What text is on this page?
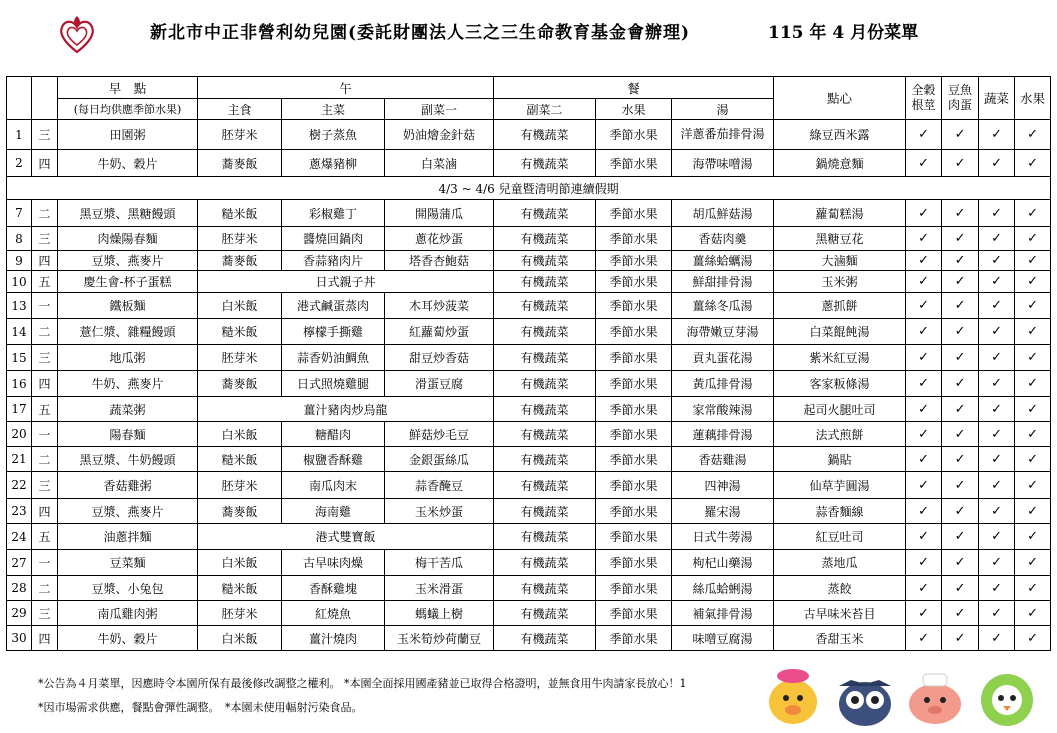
新北市中正非營利幼兒園(委託財團法人三之三生命教育基金會辦理)	115 年 4 月份菜單
		早　點	午			餐			點心	全穀根莖	豆魚肉蛋	蔬菜	水果
		(每日均供應季節水果)	主食	主菜	副菜一	副菜二	水果	湯					
1	三	田園粥	胚芽米	樹子蒸魚	奶油燴金針菇	有機蔬菜	季節水果	洋蔥番茄排骨湯	綠豆西米露	✓	✓	✓	✓
2	四	牛奶、穀片	蕎麥飯	蔥爆豬柳	白菜滷	有機蔬菜	季節水果	海帶味噌湯	鍋燒意麵	✓	✓	✓	✓
4/3 ~ 4/6 兒童暨清明節連續假期													
7	二	黑豆漿、黑糖饅頭	糙米飯	彩椒雞丁	開陽蒲瓜	有機蔬菜	季節水果	胡瓜鮮菇湯	蘿蔔糕湯	✓	✓	✓	✓
8	三	肉燥陽春麵	胚芽米	醬燒回鍋肉	蔥花炒蛋	有機蔬菜	季節水果	香菇肉羹	黑糖豆花	✓	✓	✓	✓
9	四	豆漿、燕麥片	蕎麥飯	香蒜豬肉片	塔香杏鮑菇	有機蔬菜	季節水果	薑絲蛤蠣湯	大滷麵	✓	✓	✓	✓
10	五	慶生會-杯子蛋糕	日式親子丼			有機蔬菜	季節水果	鮮甜排骨湯	玉米粥	✓	✓	✓	✓
13	一	鐵板麵	白米飯	港式鹹蛋蒸肉	木耳炒菠菜	有機蔬菜	季節水果	薑絲冬瓜湯	蔥抓餅	✓	✓	✓	✓
14	二	薏仁漿、雜糧饅頭	糙米飯	檸檬手撕雞	紅蘿蔔炒蛋	有機蔬菜	季節水果	海帶嫩豆芽湯	白菜餛飩湯	✓	✓	✓	✓
15	三	地瓜粥	胚芽米	蒜香奶油鯛魚	甜豆炒香菇	有機蔬菜	季節水果	貢丸蛋花湯	紫米紅豆湯	✓	✓	✓	✓
16	四	牛奶、燕麥片	蕎麥飯	日式照燒雞腿	滑蛋豆腐	有機蔬菜	季節水果	黃瓜排骨湯	客家粄條湯	✓	✓	✓	✓
17	五	蔬菜粥	薑汁豬肉炒烏龍			有機蔬菜	季節水果	家常酸辣湯	起司火腿吐司	✓	✓	✓	✓
20	一	陽春麵	白米飯	糖醋肉	鮮菇炒毛豆	有機蔬菜	季節水果	蓮藕排骨湯	法式煎餅	✓	✓	✓	✓
21	二	黑豆漿、牛奶饅頭	糙米飯	椒鹽香酥雞	金銀蛋絲瓜	有機蔬菜	季節水果	香菇雞湯	鍋貼	✓	✓	✓	✓
22	三	香菇雞粥	胚芽米	南瓜肉末	蒜香醃豆	有機蔬菜	季節水果	四神湯	仙草芋圓湯	✓	✓	✓	✓
23	四	豆漿、燕麥片	蕎麥飯	海南雞	玉米炒蛋	有機蔬菜	季節水果	羅宋湯	蒜香麵線	✓	✓	✓	✓
24	五	油蔥拌麵	港式雙寶飯			有機蔬菜	季節水果	日式牛蒡湯	紅豆吐司	✓	✓	✓	✓
27	一	豆菜麵	白米飯	古早味肉燥	梅干苦瓜	有機蔬菜	季節水果	枸杞山藥湯	蒸地瓜	✓	✓	✓	✓
28	二	豆漿、小兔包	糙米飯	香酥雞塊	玉米滑蛋	有機蔬菜	季節水果	絲瓜蛤蜊湯	蒸餃	✓	✓	✓	✓
29	三	南瓜雞肉粥	胚芽米	紅燒魚	螞蟻上樹	有機蔬菜	季節水果	補氣排骨湯	古早味米苔目	✓	✓	✓	✓
30	四	牛奶、穀片	白米飯	薑汁燒肉	玉米筍炒荷蘭豆	有機蔬菜	季節水果	味噌豆腐湯	香甜玉米	✓	✓	✓	✓
*公告為４月菜單，因應時令本園所保有最後修改調整之權利。 *本園全面採用國產豬並已取得合格證明，並無食用牛肉請家長放心！1
*因市場需求供應，餐點會彈性調整。　*本園未使用輻射污染食品。
